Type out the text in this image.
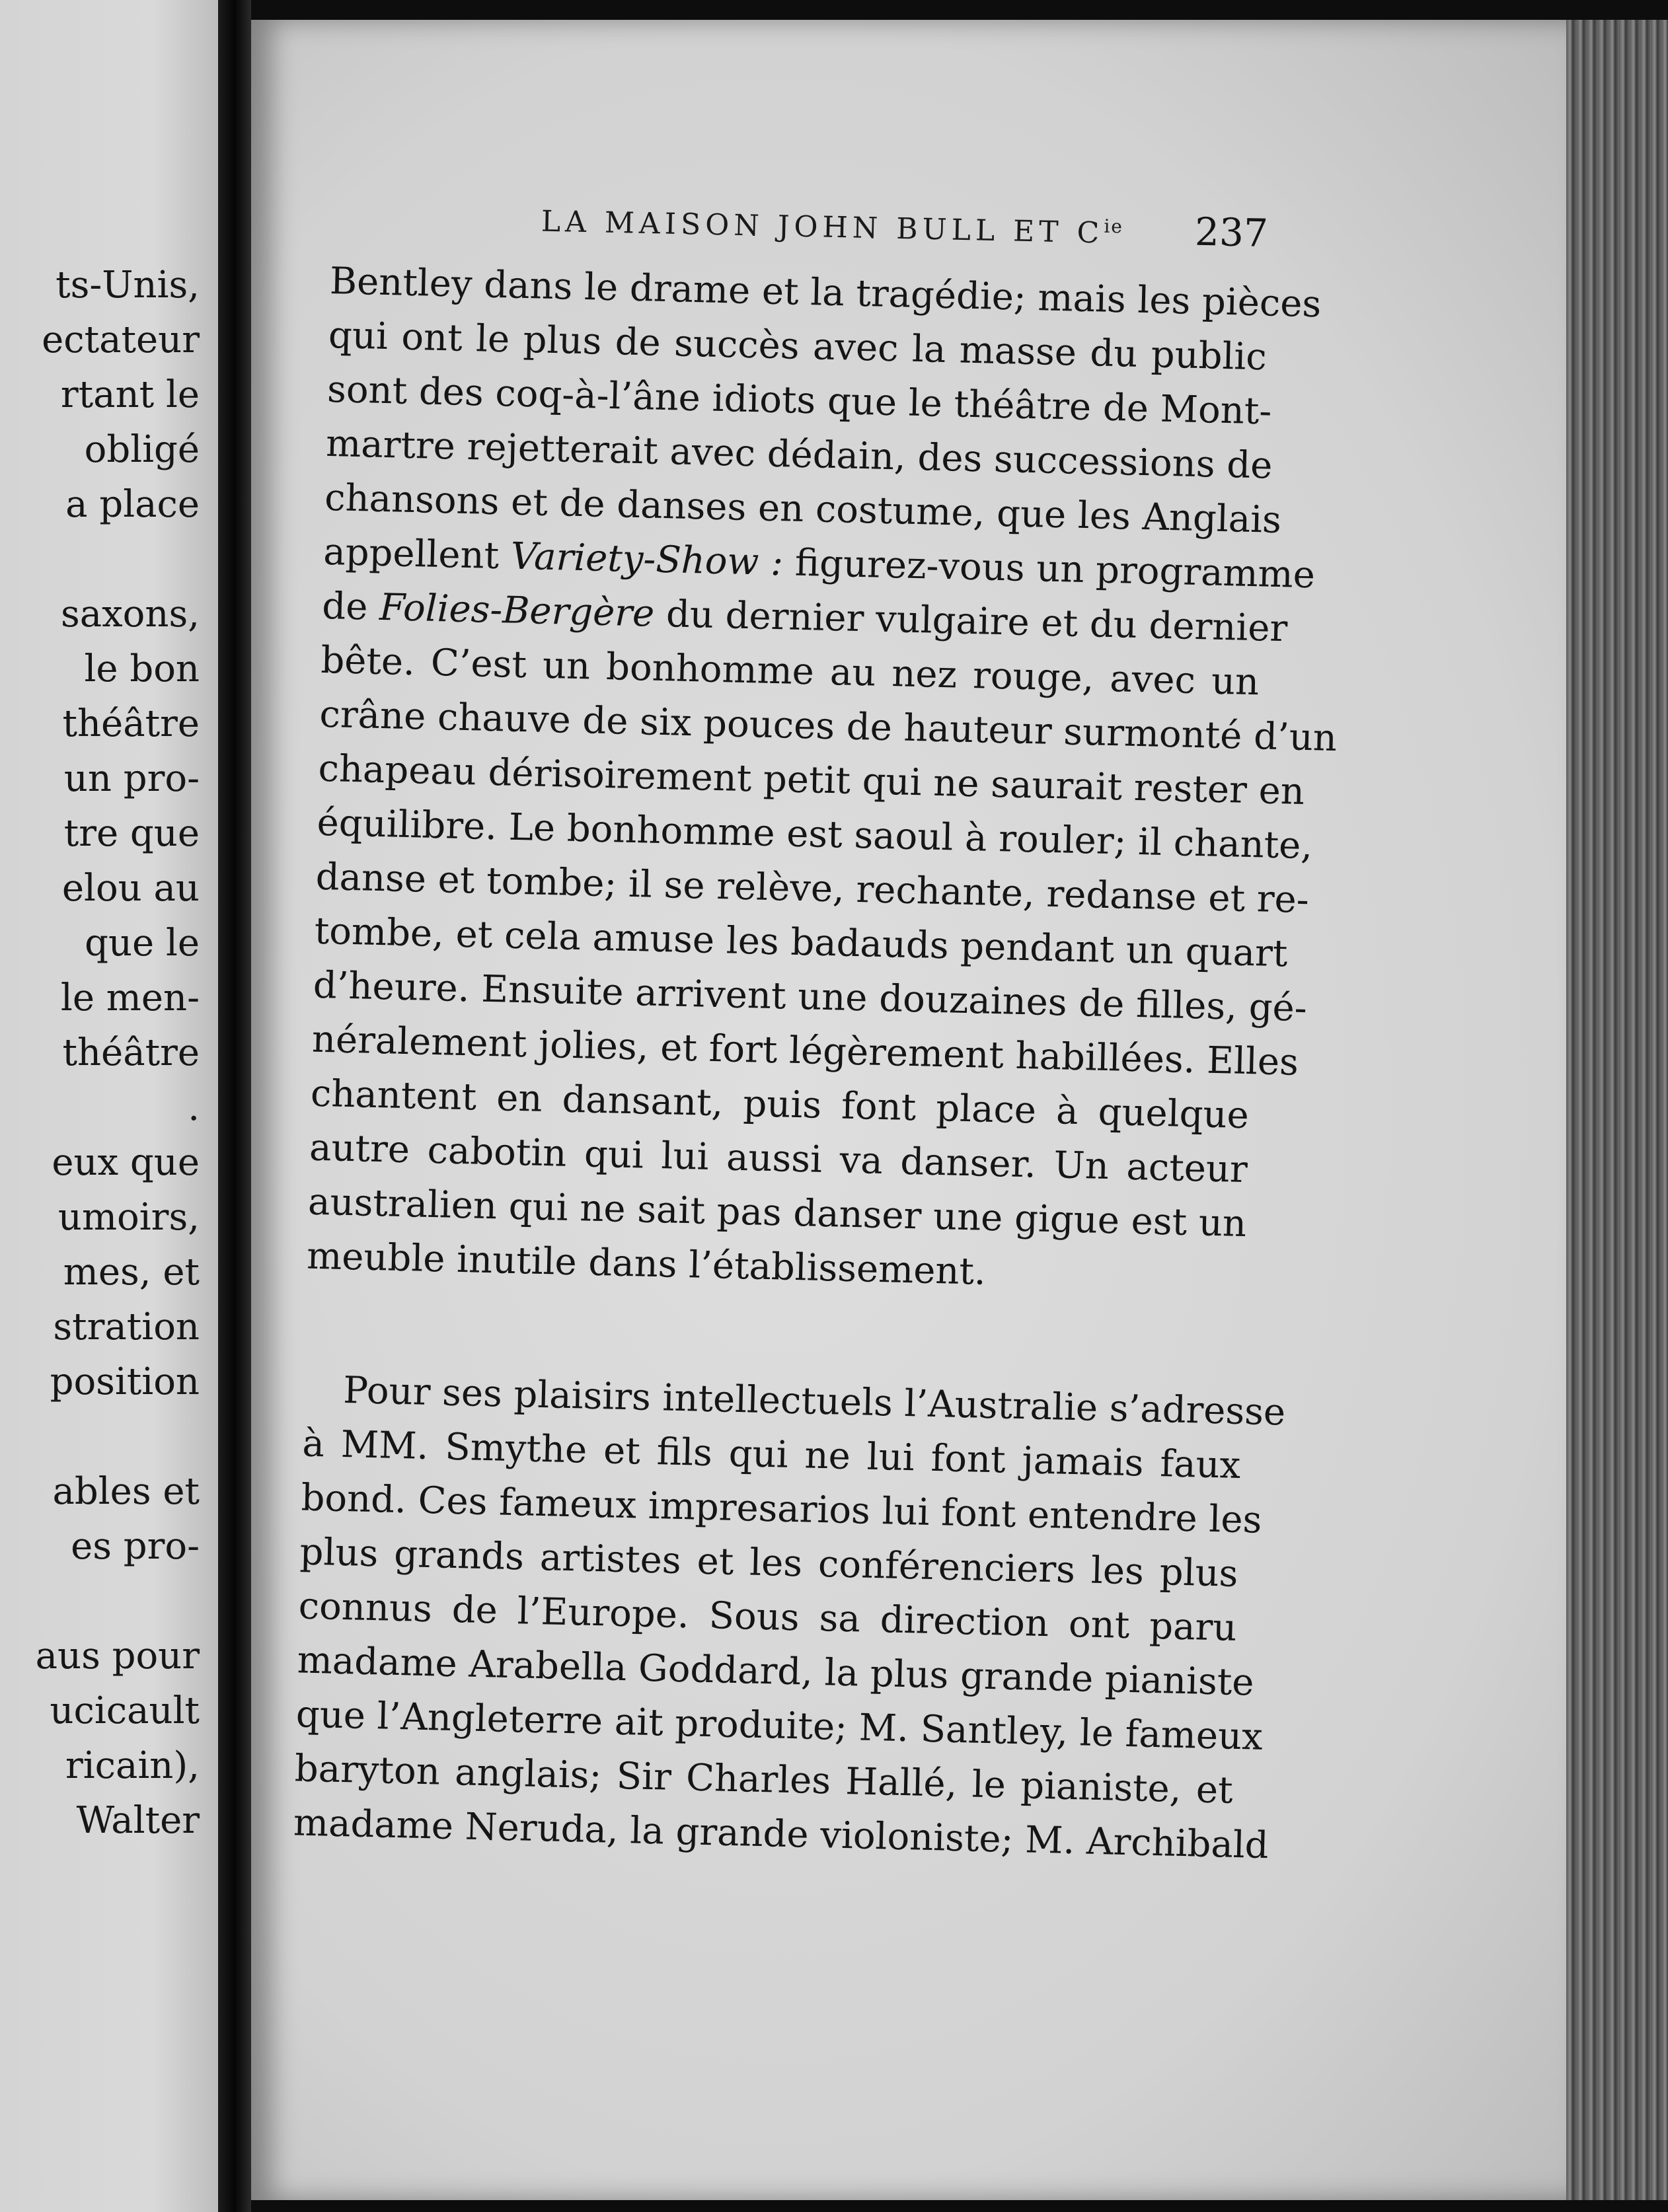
ts-Unis,
ectateur
rtant le
obligé
a place
saxons,
le bon
théâtre
un pro-
tre que
elou au
que le
le men-
théâtre
.
eux que
umoirs,
mes, et
stration
position
ables et
es pro-
aus pour
ucicault
ricain),
Walter
LA MAISON JOHN BULL ET $C^{ie}$ 237
Bentley dans le drame et la tragédie; mais les pièces
qui ont le plus de succès avec la masse du public
sont des coq-à-l’âne idiots que le théâtre de Mont-
martre rejetterait avec dédain, des successions de
chansons et de danses en costume, que les Anglais
appellent Variety-Show : figurez-vous un programme
de Folies-Bergère du dernier vulgaire et du dernier
bête. C’est un bonhomme au nez rouge, avec un
crâne chauve de six pouces de hauteur surmonté d’un
chapeau dérisoirement petit qui ne saurait rester en
équilibre. Le bonhomme est saoul à rouler; il chante,
danse et tombe; il se relève, rechante, redanse et re-
tombe, et cela amuse les badauds pendant un quart
d’heure. Ensuite arrivent une douzaines de filles, gé-
néralement jolies, et fort légèrement habillées. Elles
chantent en dansant, puis font place à quelque
autre cabotin qui lui aussi va danser. Un acteur
australien qui ne sait pas danser une gigue est un
meuble inutile dans l’établissement.
Pour ses plaisirs intellectuels l’Australie s’adresse
à MM. Smythe et fils qui ne lui font jamais faux
bond. Ces fameux impresarios lui font entendre les
plus grands artistes et les conférenciers les plus
connus de l’Europe. Sous sa direction ont paru
madame Arabella Goddard, la plus grande pianiste
que l’Angleterre ait produite; M. Santley, le fameux
baryton anglais; Sir Charles Hallé, le pianiste, et
madame Neruda, la grande violoniste; M. Archibald
